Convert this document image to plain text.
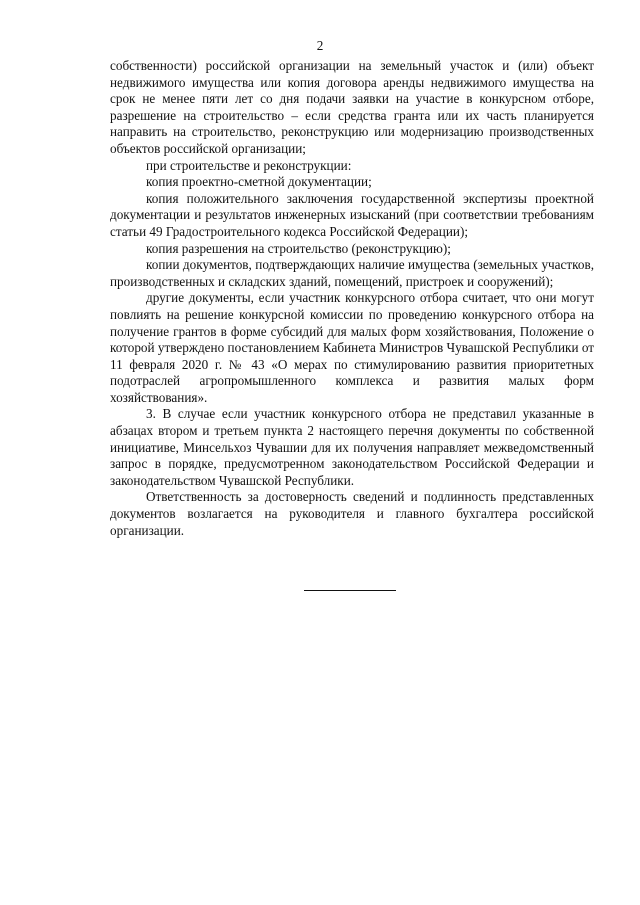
2

собственности) российской организации на земельный участок и (или) объект недвижимого имущества или копия договора аренды недвижимого имущества на срок не менее пяти лет со дня подачи заявки на участие в конкурсном отборе, разрешение на строительство – если средства гранта или их часть планируется направить на строительство, реконструкцию или модернизацию производственных объектов российской организации;

при строительстве и реконструкции:

копия проектно-сметной документации;

копия положительного заключения государственной экспертизы проектной документации и результатов инженерных изысканий (при соответствии требованиям статьи 49 Градостроительного кодекса Российской Федерации);

копия разрешения на строительство (реконструкцию);

копии документов, подтверждающих наличие имущества (земельных участков, производственных и складских зданий, помещений, пристроек и сооружений);

другие документы, если участник конкурсного отбора считает, что они могут повлиять на решение конкурсной комиссии по проведению конкурсного отбора на получение грантов в форме субсидий для малых форм хозяйствования, Положение о которой утверждено постановлением Кабинета Министров Чувашской Республики от 11 февраля 2020 г. № 43 «О мерах по стимулированию развития приоритетных подотраслей агропромышленного комплекса и развития малых форм хозяйствования».

3. В случае если участник конкурсного отбора не представил указанные в абзацах втором и третьем пункта 2 настоящего перечня документы по собственной инициативе, Минсельхоз Чувашии для их получения направляет межведомственный запрос в порядке, предусмотренном законодательством Российской Федерации и законодательством Чувашской Республики.

Ответственность за достоверность сведений и подлинность представленных документов возлагается на руководителя и главного бухгалтера российской организации.
